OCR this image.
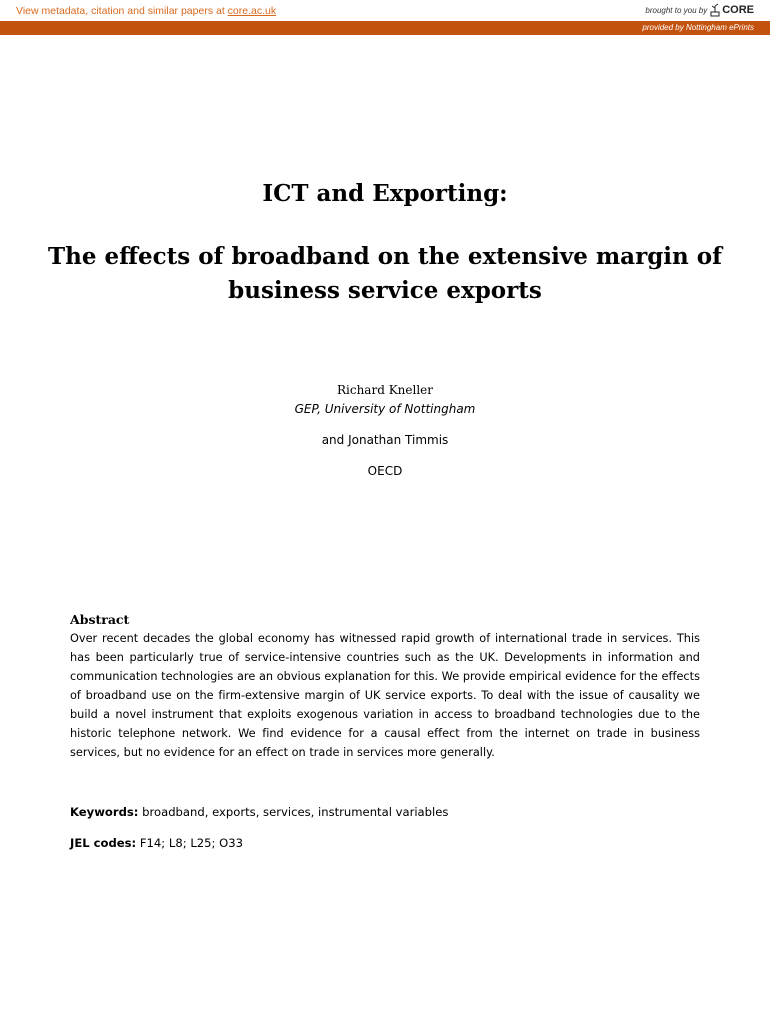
View metadata, citation and similar papers at core.ac.uk	brought to you by CORE
provided by Nottingham ePrints
ICT and Exporting:
The effects of broadband on the extensive margin of
business service exports
Richard Kneller
GEP, University of Nottingham
and Jonathan Timmis
OECD
Abstract
Over recent decades the global economy has witnessed rapid growth of international trade in services. This has been particularly true of service-intensive countries such as the UK. Developments in information and communication technologies are an obvious explanation for this. We provide empirical evidence for the effects of broadband use on the firm-extensive margin of UK service exports. To deal with the issue of causality we build a novel instrument that exploits exogenous variation in access to broadband technologies due to the historic telephone network. We find evidence for a causal effect from the internet on trade in business services, but no evidence for an effect on trade in services more generally.
Keywords: broadband, exports, services, instrumental variables
JEL codes: F14; L8; L25; O33
